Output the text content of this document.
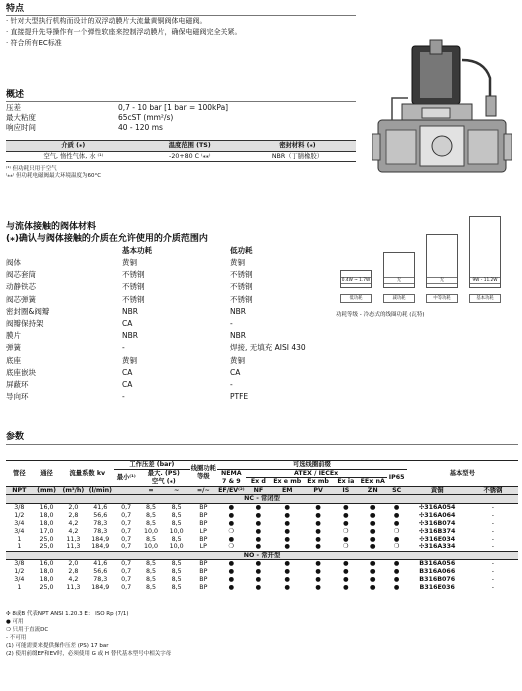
特点
· 针对大型执行机构而设计的双浮动膜片大流量黄铜阀体电磁阀。
· 直接提升先导操作有一个弹性软座来控制浮动膜片，确保电磁阀完全关紧。
· 符合所有EC标准
概述
压差	0,7 - 10 bar [1 bar = 100kPa]
最大粘度	65cST (mm²/s)
响应时间	40 - 120 ms
介质 (⁎)	温度范围 (TS)	密封材料 (⁎)
空气, 惰性气体, 水 ⁽¹⁾	-20+80 C ⁽⁎⁎⁾	NBR（丁腈橡胶）
⁽¹⁾ 但功耗只用于空气
⁽⁎⁎⁾ 但功耗电磁阀最大环境温度为60°C
与流体接触的阀体材料
(⁎)确认与阀体接触的介质在允许使用的介质范围内
基本功耗	低功耗
阀体	黄铜	黄铜
阀芯套筒	不锈钢	不锈钢
动静铁芯	不锈钢	不锈钢
阀芯弹簧	不锈钢	不锈钢
密封圈&阀瓣	NBR	NBR
阀瓣保持架	CA	-
膜片	NBR	NBR
弹簧	-	焊接, 无填充 AISI 430
底座	黄铜	黄铜
底座嵌块	CA	CA
屏蔽环	CA	-
导向环	-	PTFE
0.4W ~ 1.7W	无	无	9W - 11.2W
低功耗	减功耗	中等功耗	基本功耗
功耗等级 - 冷态式的线圈功耗 (瓦特)
参数
管径	通径	流量系数 kv		工作压差 (bar)			线圈功耗等级	可选线圈前缀							基本型号	
				最小⁽¹⁾	最大. (PS)			NEMA	ATEX / IECEx					IP65		
					空气 (⁎)			7 & 9	Ex d	Ex e mb	Ex mb	Ex ia	EEx nA			
NPT	(mm)	(m³/h)	(l/min)		=	~	=/~	EF/EV⁽²⁾	NF	EM	PV	IS	ZN	SC	黄铜	不锈钢
NC - 常闭型																
3/8	16,0	2,0	41,6	0,7	8,5	8,5	BP	●	●	●	●	●	●	●	✣316A054	-
1/2	18,0	2,8	56,6	0,7	8,5	8,5	BP	●	●	●	●	●	●	●	✣316A064	-
3/4	18,0	4,2	78,3	0,7	8,5	8,5	BP	●	●	●	●	●	●	●	✣316B074	-
3/4	17,0	4,2	78,3	0,7	10,0	10,0	LP	❍	●	●	●	❍	●	❍	✣316B374	-
1	25,0	11,3	184,9	0,7	8,5	8,5	BP	●	●	●	●	●	●	●	✣316E034	-
1	25,0	11,3	184,9	0,7	10,0	10,0	LP	❍	●	●	●	❍	●	❍	✣316A334	-
NO - 常开型																
3/8	16,0	2,0	41,6	0,7	8,5	8,5	BP	●	●	●	●	●	●	●	B316A056	-
1/2	18,0	2,8	56,6	0,7	8,5	8,5	BP	●	●	●	●	●	●	●	B316A066	-
3/4	18,0	4,2	78,3	0,7	8,5	8,5	BP	●	●	●	●	●	●	●	B316B076	-
1	25,0	11,3	184,9	0,7	8,5	8,5	BP	●	●	●	●	●	●	●	B316E036	-
✣ 8或B 代表NPT ANSI 1.20.3 E： ISO Rp (7/1)
● 可用
❍ 只用于直流DC
- 不可用
(1) 可能需要来提供操作压差 (PS) 17 bar
(2) 使用前缀EF和EV时，必须使用 G 或 H 替代基本型号中相关字母
